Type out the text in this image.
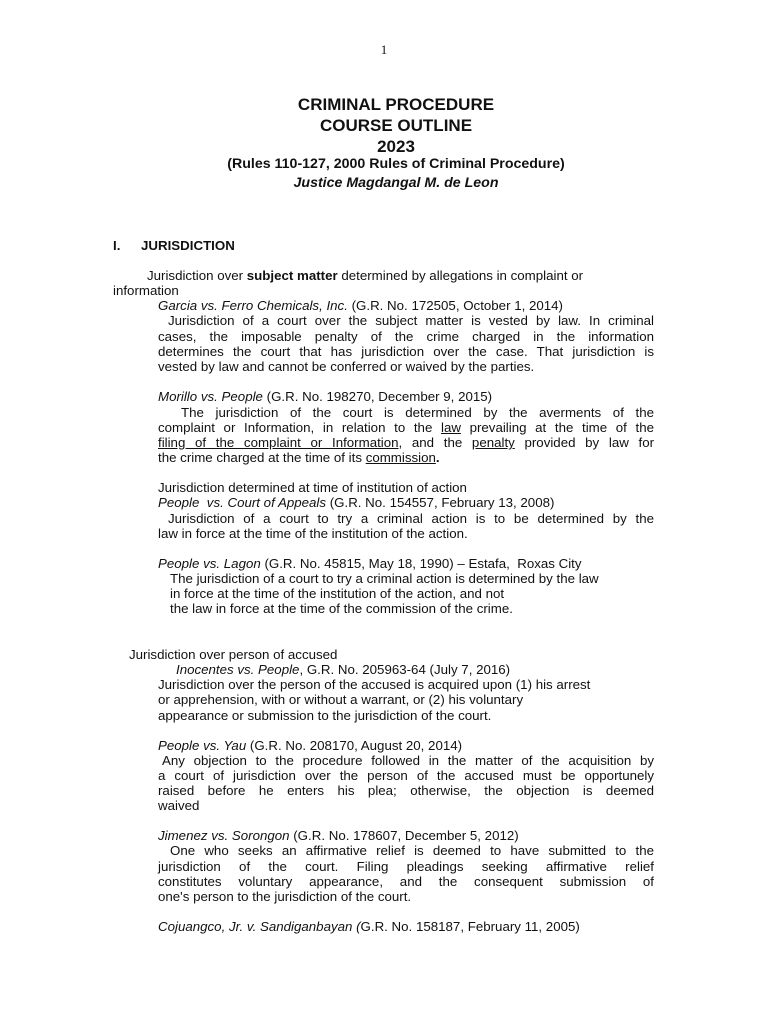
1
CRIMINAL PROCEDURE
COURSE OUTLINE
2023
(Rules 110-127, 2000 Rules of Criminal Procedure)
Justice Magdangal M. de Leon
I. JURISDICTION
Jurisdiction over subject matter determined by allegations in complaint or
information
Garcia vs. Ferro Chemicals, Inc. (G.R. No. 172505, October 1, 2014)
Jurisdiction of a court over the subject matter is vested by law. In criminal
cases, the imposable penalty of the crime charged in the information
determines the court that has jurisdiction over the case. That jurisdiction is
vested by law and cannot be conferred or waived by the parties.
Morillo vs. People (G.R. No. 198270, December 9, 2015)
The jurisdiction of the court is determined by the averments of the
complaint or Information, in relation to the law prevailing at the time of the
filing of the complaint or Information, and the penalty provided by law for
the crime charged at the time of its commission.
Jurisdiction determined at time of institution of action
People  vs. Court of Appeals (G.R. No. 154557, February 13, 2008)
Jurisdiction of a court to try a criminal action is to be determined by the
law in force at the time of the institution of the action.
People vs. Lagon (G.R. No. 45815, May 18, 1990) – Estafa,  Roxas City
The jurisdiction of a court to try a criminal action is determined by the law
in force at the time of the institution of the action, and not
the law in force at the time of the commission of the crime.
Jurisdiction over person of accused
Inocentes vs. People, G.R. No. 205963-64 (July 7, 2016)
Jurisdiction over the person of the accused is acquired upon (1) his arrest
or apprehension, with or without a warrant, or (2) his voluntary
appearance or submission to the jurisdiction of the court.
People vs. Yau (G.R. No. 208170, August 20, 2014)
Any objection to the procedure followed in the matter of the acquisition by
a court of jurisdiction over the person of the accused must be opportunely
raised before he enters his plea; otherwise, the objection is deemed
waived
Jimenez vs. Sorongon (G.R. No. 178607, December 5, 2012)
One who seeks an affirmative relief is deemed to have submitted to the
jurisdiction of the court. Filing pleadings seeking affirmative relief
constitutes voluntary appearance, and the consequent submission of
one's person to the jurisdiction of the court.
Cojuangco, Jr. v. Sandiganbayan (G.R. No. 158187, February 11, 2005)
